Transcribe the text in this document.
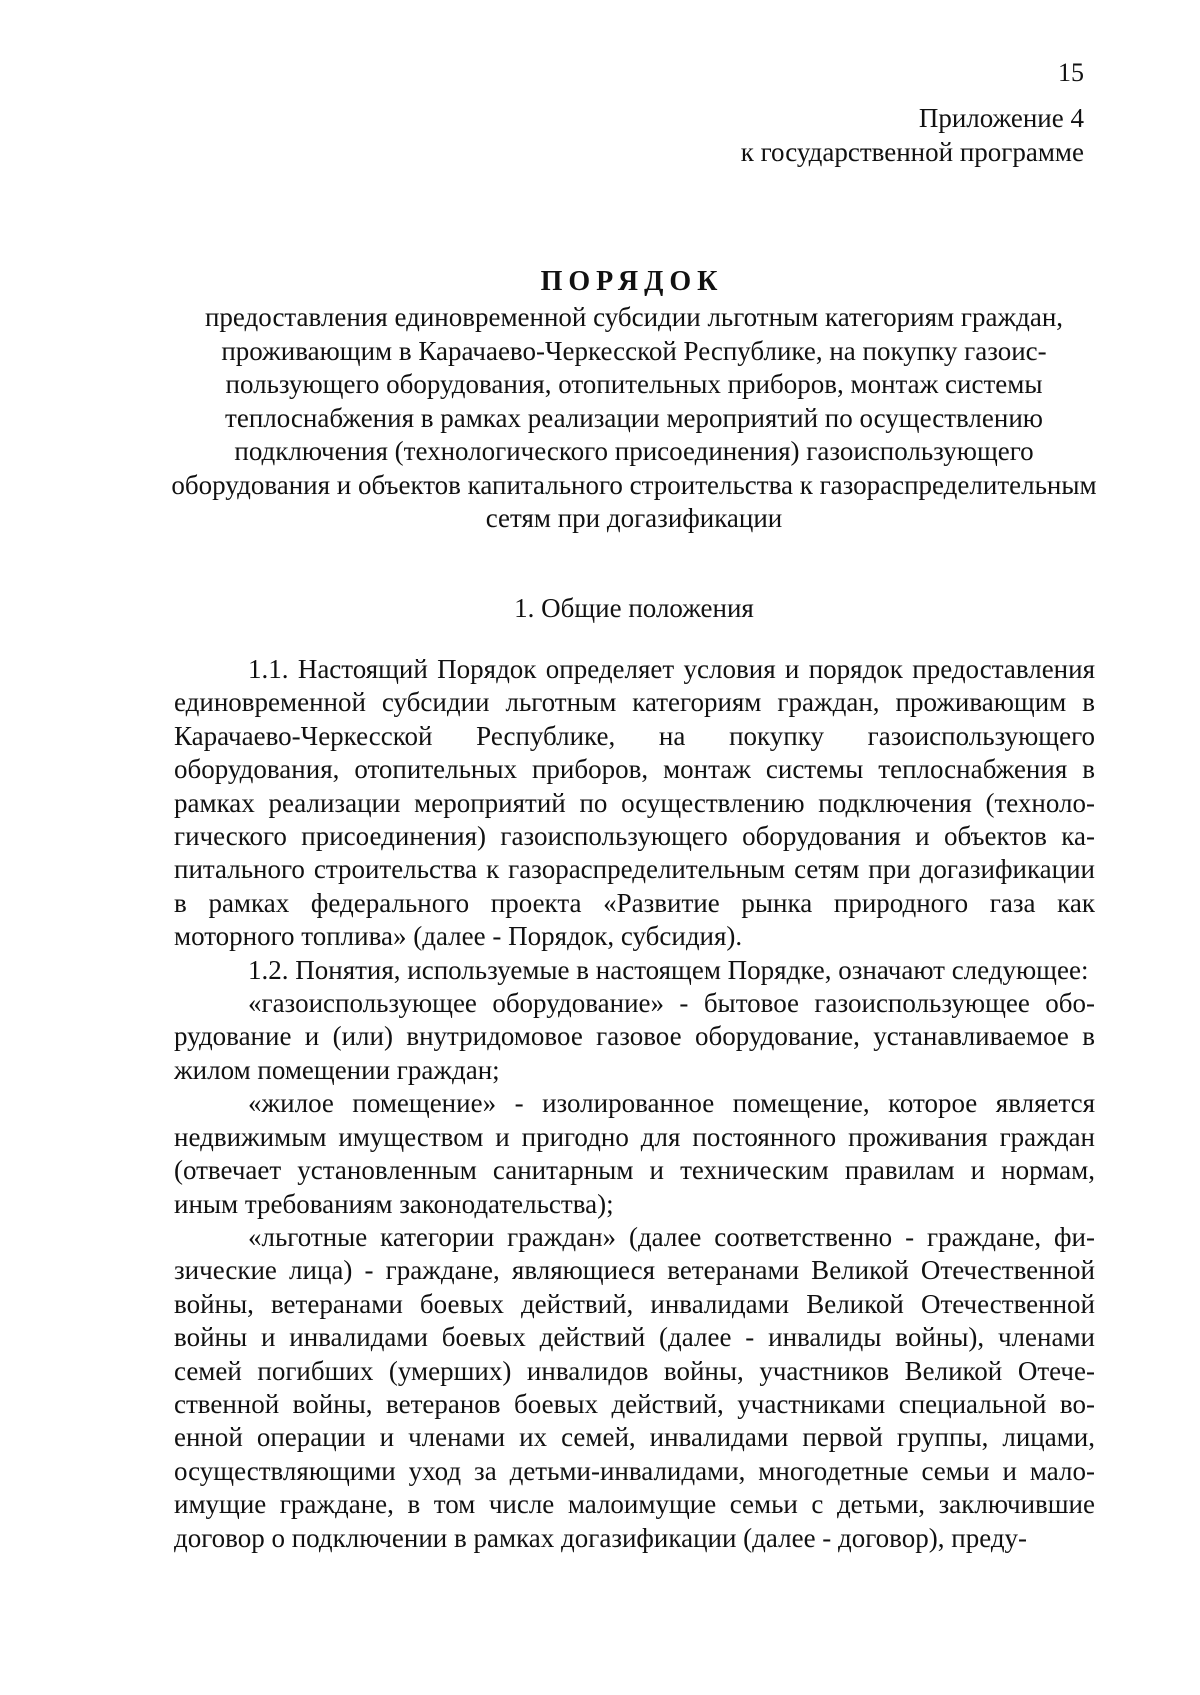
15
Приложение 4
к государственной программе
ПОРЯДОК
предоставления единовременной субсидии льготным категориям граждан, проживающим в Карачаево-Черкесской Республике, на покупку газоиспользующего оборудования, отопительных приборов, монтаж системы теплоснабжения в рамках реализации мероприятий по осуществлению подключения (технологического присоединения) газоиспользующего оборудования и объектов капитального строительства к газораспределительным сетям при догазификации
1. Общие положения

1.1. Настоящий Порядок определяет условия и порядок предоставления единовременной субсидии льготным категориям граждан, проживающим в Карачаево-Черкесской Республике, на покупку газоиспользующего оборудования, отопительных приборов, монтаж системы теплоснабжения в рамках реализации мероприятий по осуществлению подключения (технологического присоединения) газоиспользующего оборудования и объектов капитального строительства к газораспределительным сетям при догазификации в рамках федерального проекта «Развитие рынка природного газа как моторного топлива» (далее - Порядок, субсидия).

1.2. Понятия, используемые в настоящем Порядке, означают следующее:

«газоиспользующее оборудование» - бытовое газоиспользующее оборудование и (или) внутридомовое газовое оборудование, устанавливаемое в жилом помещении граждан;

«жилое помещение» - изолированное помещение, которое является недвижимым имуществом и пригодно для постоянного проживания граждан (отвечает установленным санитарным и техническим правилам и нормам, иным требованиям законодательства);

«льготные категории граждан» (далее соответственно - граждане, физические лица) - граждане, являющиеся ветеранами Великой Отечественной войны, ветеранами боевых действий, инвалидами Великой Отечественной войны и инвалидами боевых действий (далее - инвалиды войны), членами семей погибших (умерших) инвалидов войны, участников Великой Отечественной войны, ветеранов боевых действий, участниками специальной военной операции и членами их семей, инвалидами первой группы, лицами, осуществляющими уход за детьми-инвалидами, многодетные семьи и малоимущие граждане, в том числе малоимущие семьи с детьми, заключившие договор о подключении в рамках догазификации (далее - договор), преду-
